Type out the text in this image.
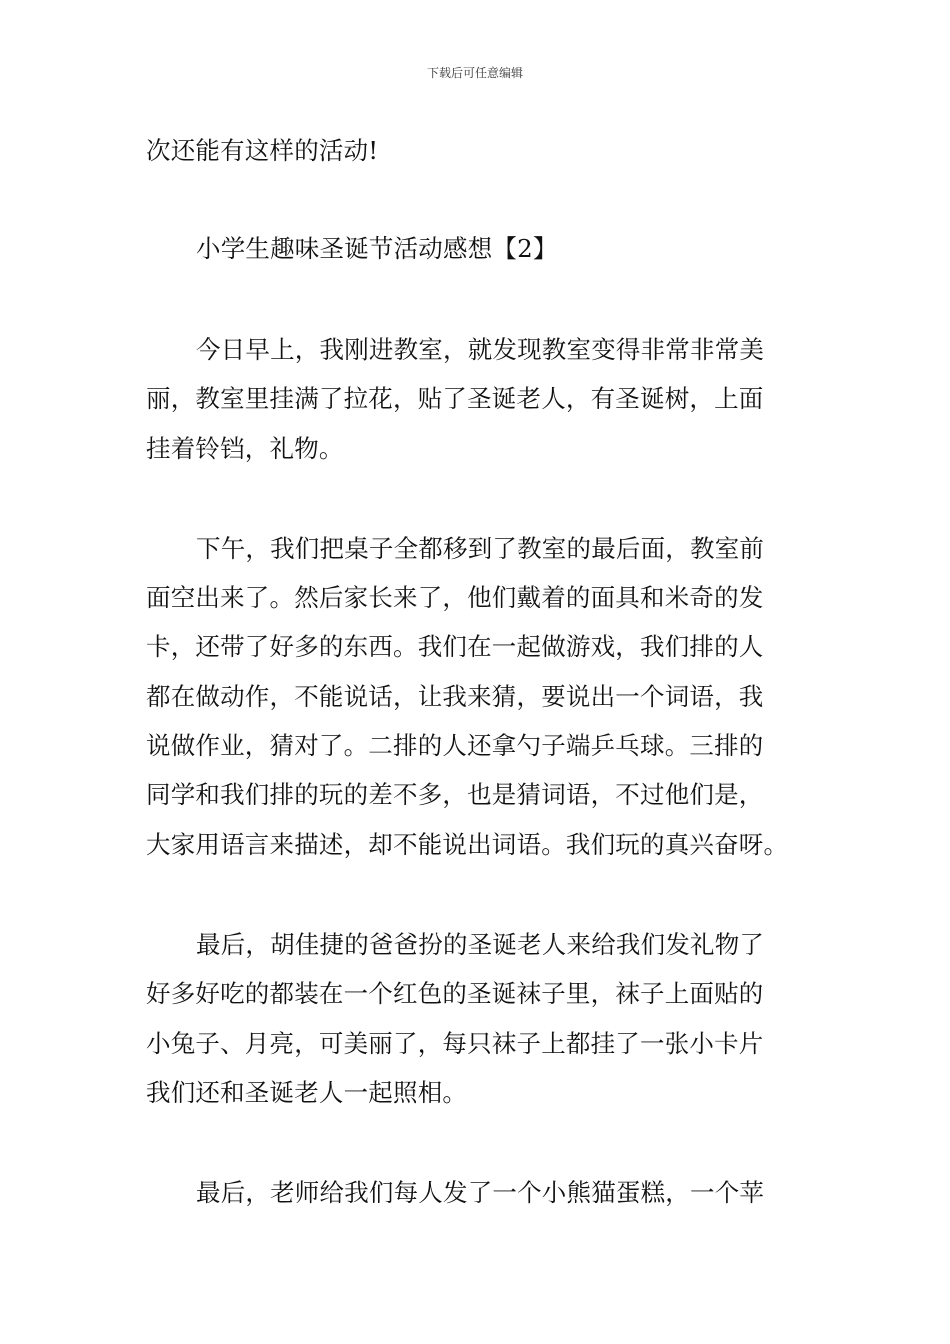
下载后可任意编辑
次还能有这样的活动!
小学生趣味圣诞节活动感想【2】
今日早上，我刚进教室，就发现教室变得非常非常美
丽，教室里挂满了拉花，贴了圣诞老人，有圣诞树，上面
挂着铃铛，礼物。
下午，我们把桌子全都移到了教室的最后面，教室前
面空出来了。然后家长来了，他们戴着的面具和米奇的发
卡，还带了好多的东西。我们在一起做游戏，我们排的人
都在做动作，不能说话，让我来猜，要说出一个词语，我
说做作业，猜对了。二排的人还拿勺子端乒乓球。三排的
同学和我们排的玩的差不多，也是猜词语，不过他们是，
大家用语言来描述，却不能说出词语。我们玩的真兴奋呀。
最后，胡佳捷的爸爸扮的圣诞老人来给我们发礼物了
好多好吃的都装在一个红色的圣诞袜子里，袜子上面贴的
小兔子、月亮，可美丽了，每只袜子上都挂了一张小卡片
我们还和圣诞老人一起照相。
最后，老师给我们每人发了一个小熊猫蛋糕，一个苹
